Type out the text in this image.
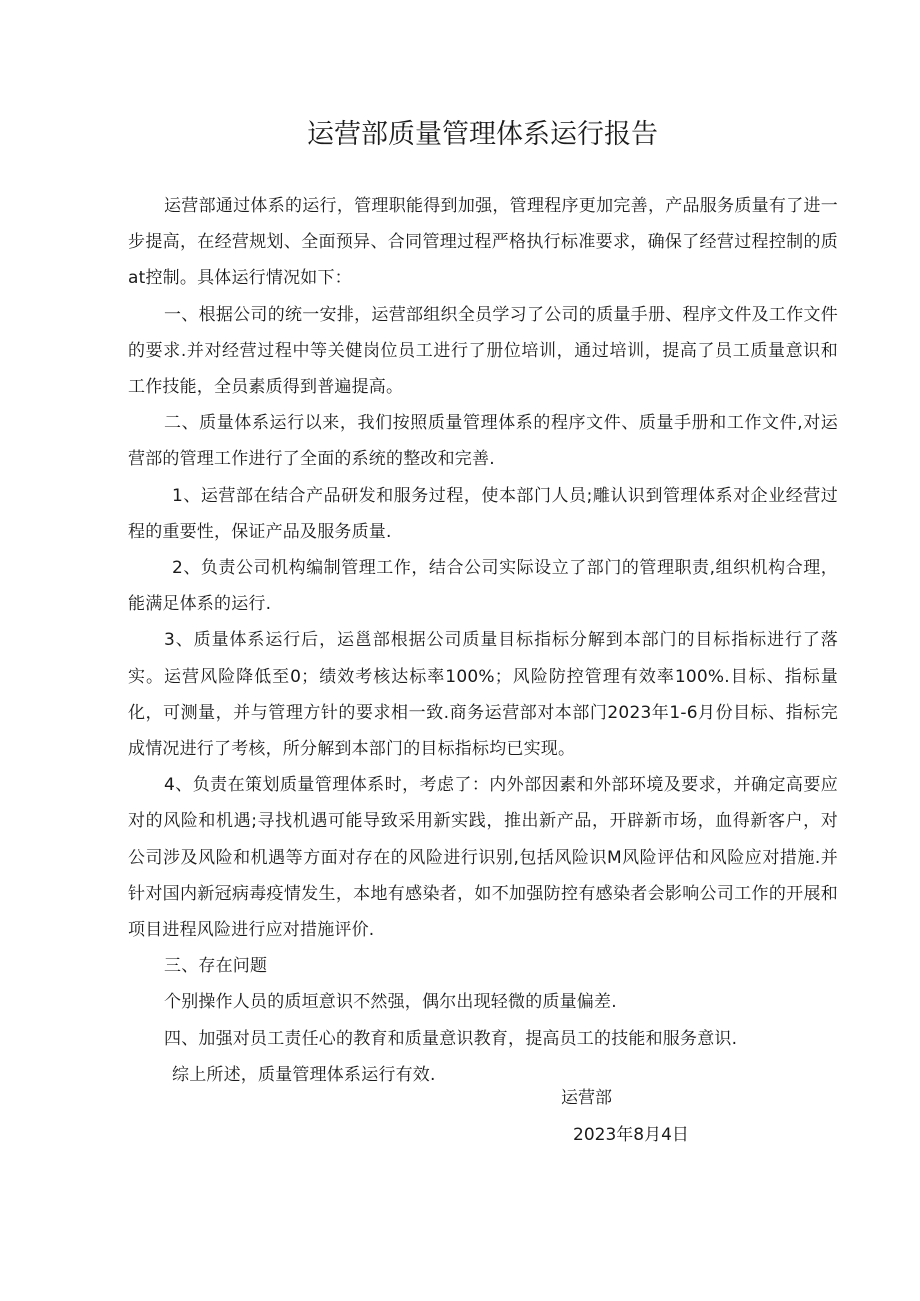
运营部质量管理体系运行报告

运营部通过体系的运行，管理职能得到加强，管理程序更加完善，产品服务质量有了进一步提高，在经营规划、全面预异、合同管理过程严格执行标准要求，确保了经营过程控制的质at控制。具体运行情况如下：

一、根据公司的统一安排，运营部组织全员学习了公司的质量手册、程序文件及工作文件的要求.并对经营过程中等关健岗位员工进行了册位培训，通过培训，提高了员工质量意识和工作技能，全员素质得到普遍提高。

二、质量体系运行以来，我们按照质量管理体系的程序文件、质量手册和工作文件,对运营部的管理工作进行了全面的系统的整改和完善.

1、运营部在结合产品研发和服务过程，使本部门人员;雕认识到管理体系对企业经营过程的重要性，保证产品及服务质量.

2、负责公司机构编制管理工作，结合公司实际设立了部门的管理职责,组织机构合理，能满足体系的运行.

3、质量体系运行后，运邕部根据公司质量目标指标分解到本部门的目标指标进行了落实。运营风险降低至0；绩效考核达标率100%；风险防控管理有效率100%.目标、指标量化，可测量，并与管理方针的要求相一致.商务运营部对本部门2023年1-6月份目标、指标完成情况进行了考核，所分解到本部门的目标指标均已实现。

4、负责在策划质量管理体系时，考虑了：内外部因素和外部环境及要求，并确定高要应对的风险和机遇;寻找机遇可能导致采用新实践，推出新产品，开辟新市场，血得新客户，对公司涉及风险和机遇等方面对存在的风险进行识别,包括风险识M风险评估和风险应对措施.并针对国内新冠病毒疫情发生，本地有感染者，如不加强防控有感染者会影响公司工作的开展和项目进程风险进行应对措施评价.

三、存在问题

个别操作人员的质垣意识不然强，偶尔出现轻微的质量偏差.

四、加强对员工责任心的教育和质量意识教育，提高员工的技能和服务意识.

综上所述，质量管理体系运行有效.

运营部
2023年8月4日
